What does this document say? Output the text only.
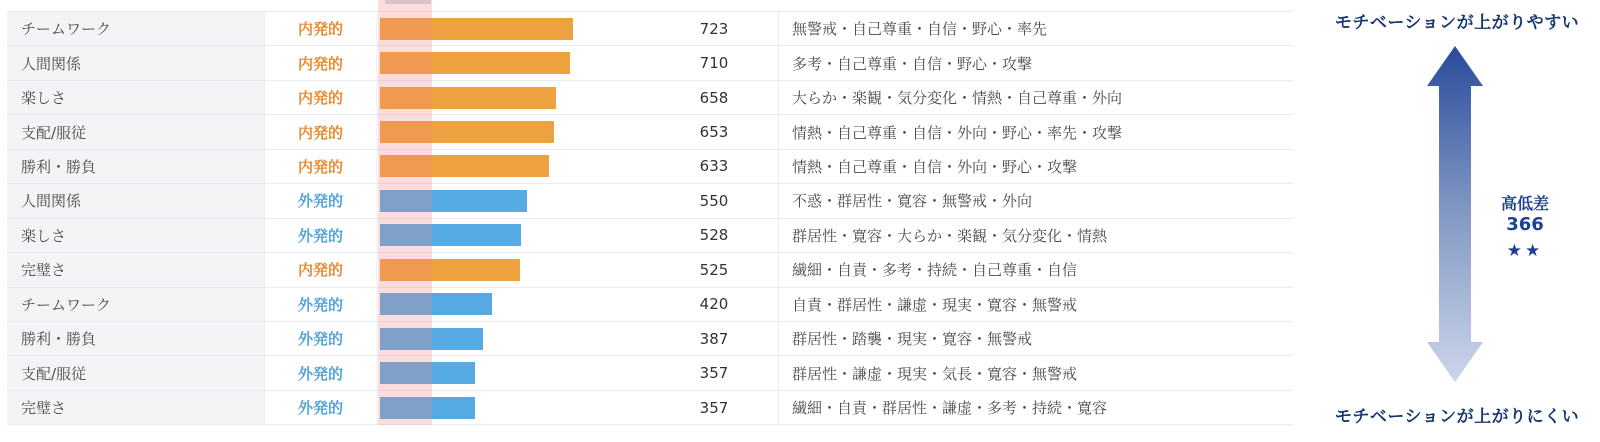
チームワーク	内発的	723	無警戒・自己尊重・自信・野心・率先
人間関係	内発的	710	多考・自己尊重・自信・野心・攻撃
楽しさ	内発的	658	大らか・楽観・気分変化・情熱・自己尊重・外向
支配/服従	内発的	653	情熱・自己尊重・自信・外向・野心・率先・攻撃
勝利・勝負	内発的	633	情熱・自己尊重・自信・外向・野心・攻撃
人間関係	外発的	550	不惑・群居性・寛容・無警戒・外向
楽しさ	外発的	528	群居性・寛容・大らか・楽観・気分変化・情熱
完璧さ	内発的	525	繊細・自責・多考・持続・自己尊重・自信
チームワーク	外発的	420	自責・群居性・謙虚・現実・寛容・無警戒
勝利・勝負	外発的	387	群居性・踏襲・現実・寛容・無警戒
支配/服従	外発的	357	群居性・謙虚・現実・気長・寛容・無警戒
完璧さ	外発的	357	繊細・自責・群居性・謙虚・多考・持続・寛容
モチベーションが上がりやすい
モチベーションが上がりにくい
高低差
366
★★
